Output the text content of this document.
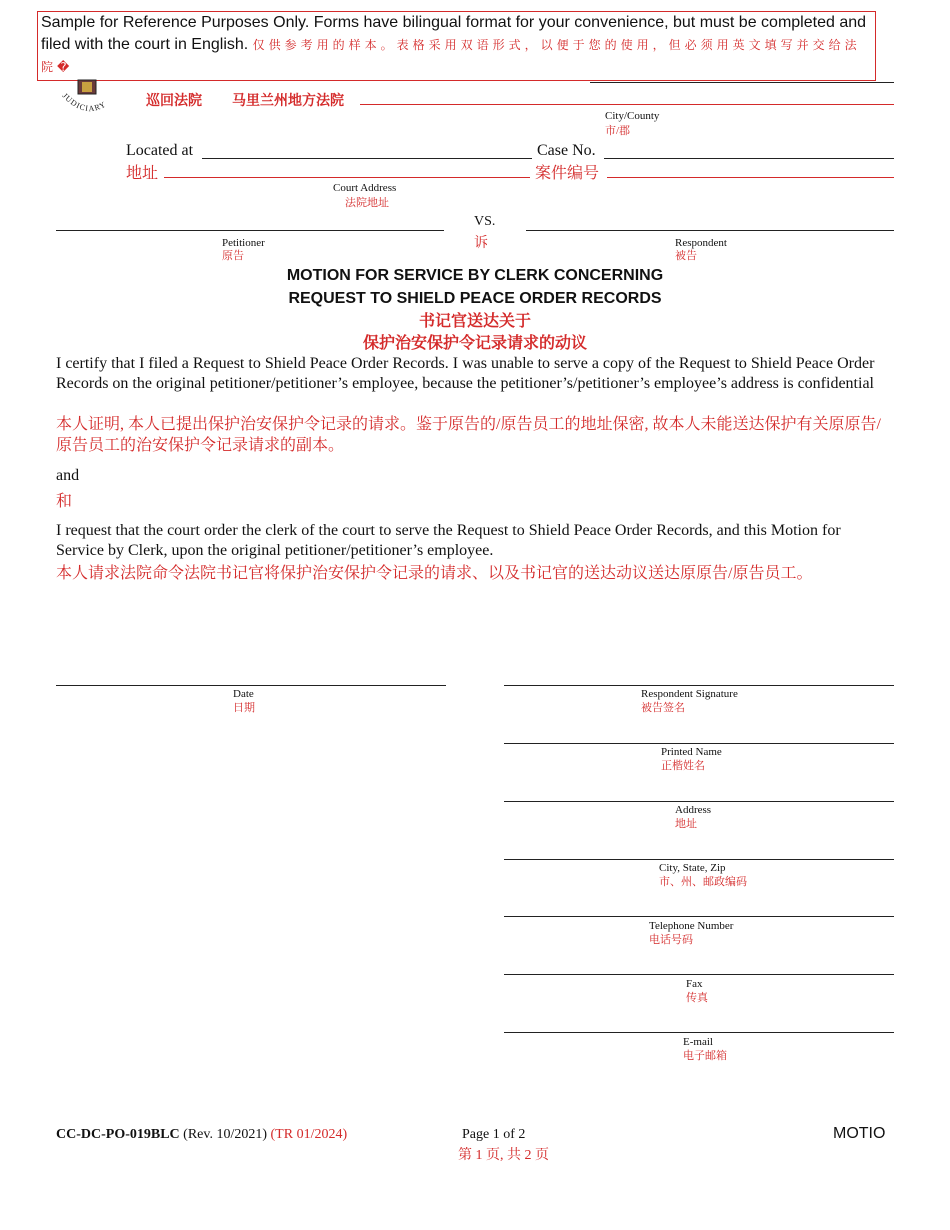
Sample for Reference Purposes Only. Forms have bilingual format for your convenience, but must be completed and filed with the court in English. 仅供参考用的样本。表格采用双语形式，以便于您的使用，但必须用英文填写并交给法院�
JUDICIARY	巡回法院 马里兰州地方法院
City/County
市/郡
Located at
地址
Court Address
法院地址
Case No.
案件编号
VS.
诉
Petitioner
原告
Respondent
被告
MOTION FOR SERVICE BY CLERK CONCERNING
REQUEST TO SHIELD PEACE ORDER RECORDS
书记官送达关于
保护治安保护令记录请求的动议
I certify that I filed a Request to Shield Peace Order Records. I was unable to serve a copy of the Request to Shield Peace Order Records on the original petitioner/petitioner’s employee, because the petitioner’s/petitioner’s employee’s address is confidential
本人证明, 本人已提出保护治安保护令记录的请求。鉴于原告的/原告员工的地址保密, 故本人未能送达保护有关原原告/原告员工的治安保护令记录请求的副本。
and
和
I request that the court order the clerk of the court to serve the Request to Shield Peace Order Records, and this Motion for Service by Clerk, upon the original petitioner/petitioner’s employee.
本人请求法院命令法院书记官将保护治安保护令记录的请求、以及书记官的送达动议送达原原告/原告员工。
Date
日期
Respondent Signature
被告签名
Printed Name
正楷姓名
Address
地址
City, State, Zip
市、州、邮政编码
Telephone Number
电话号码
Fax
传真
E-mail
电子邮箱
CC-DC-PO-019BLC (Rev. 10/2021) (TR 01/2024)	Page 1 of 2
第 1 页, 共 2 页
MOTIO
